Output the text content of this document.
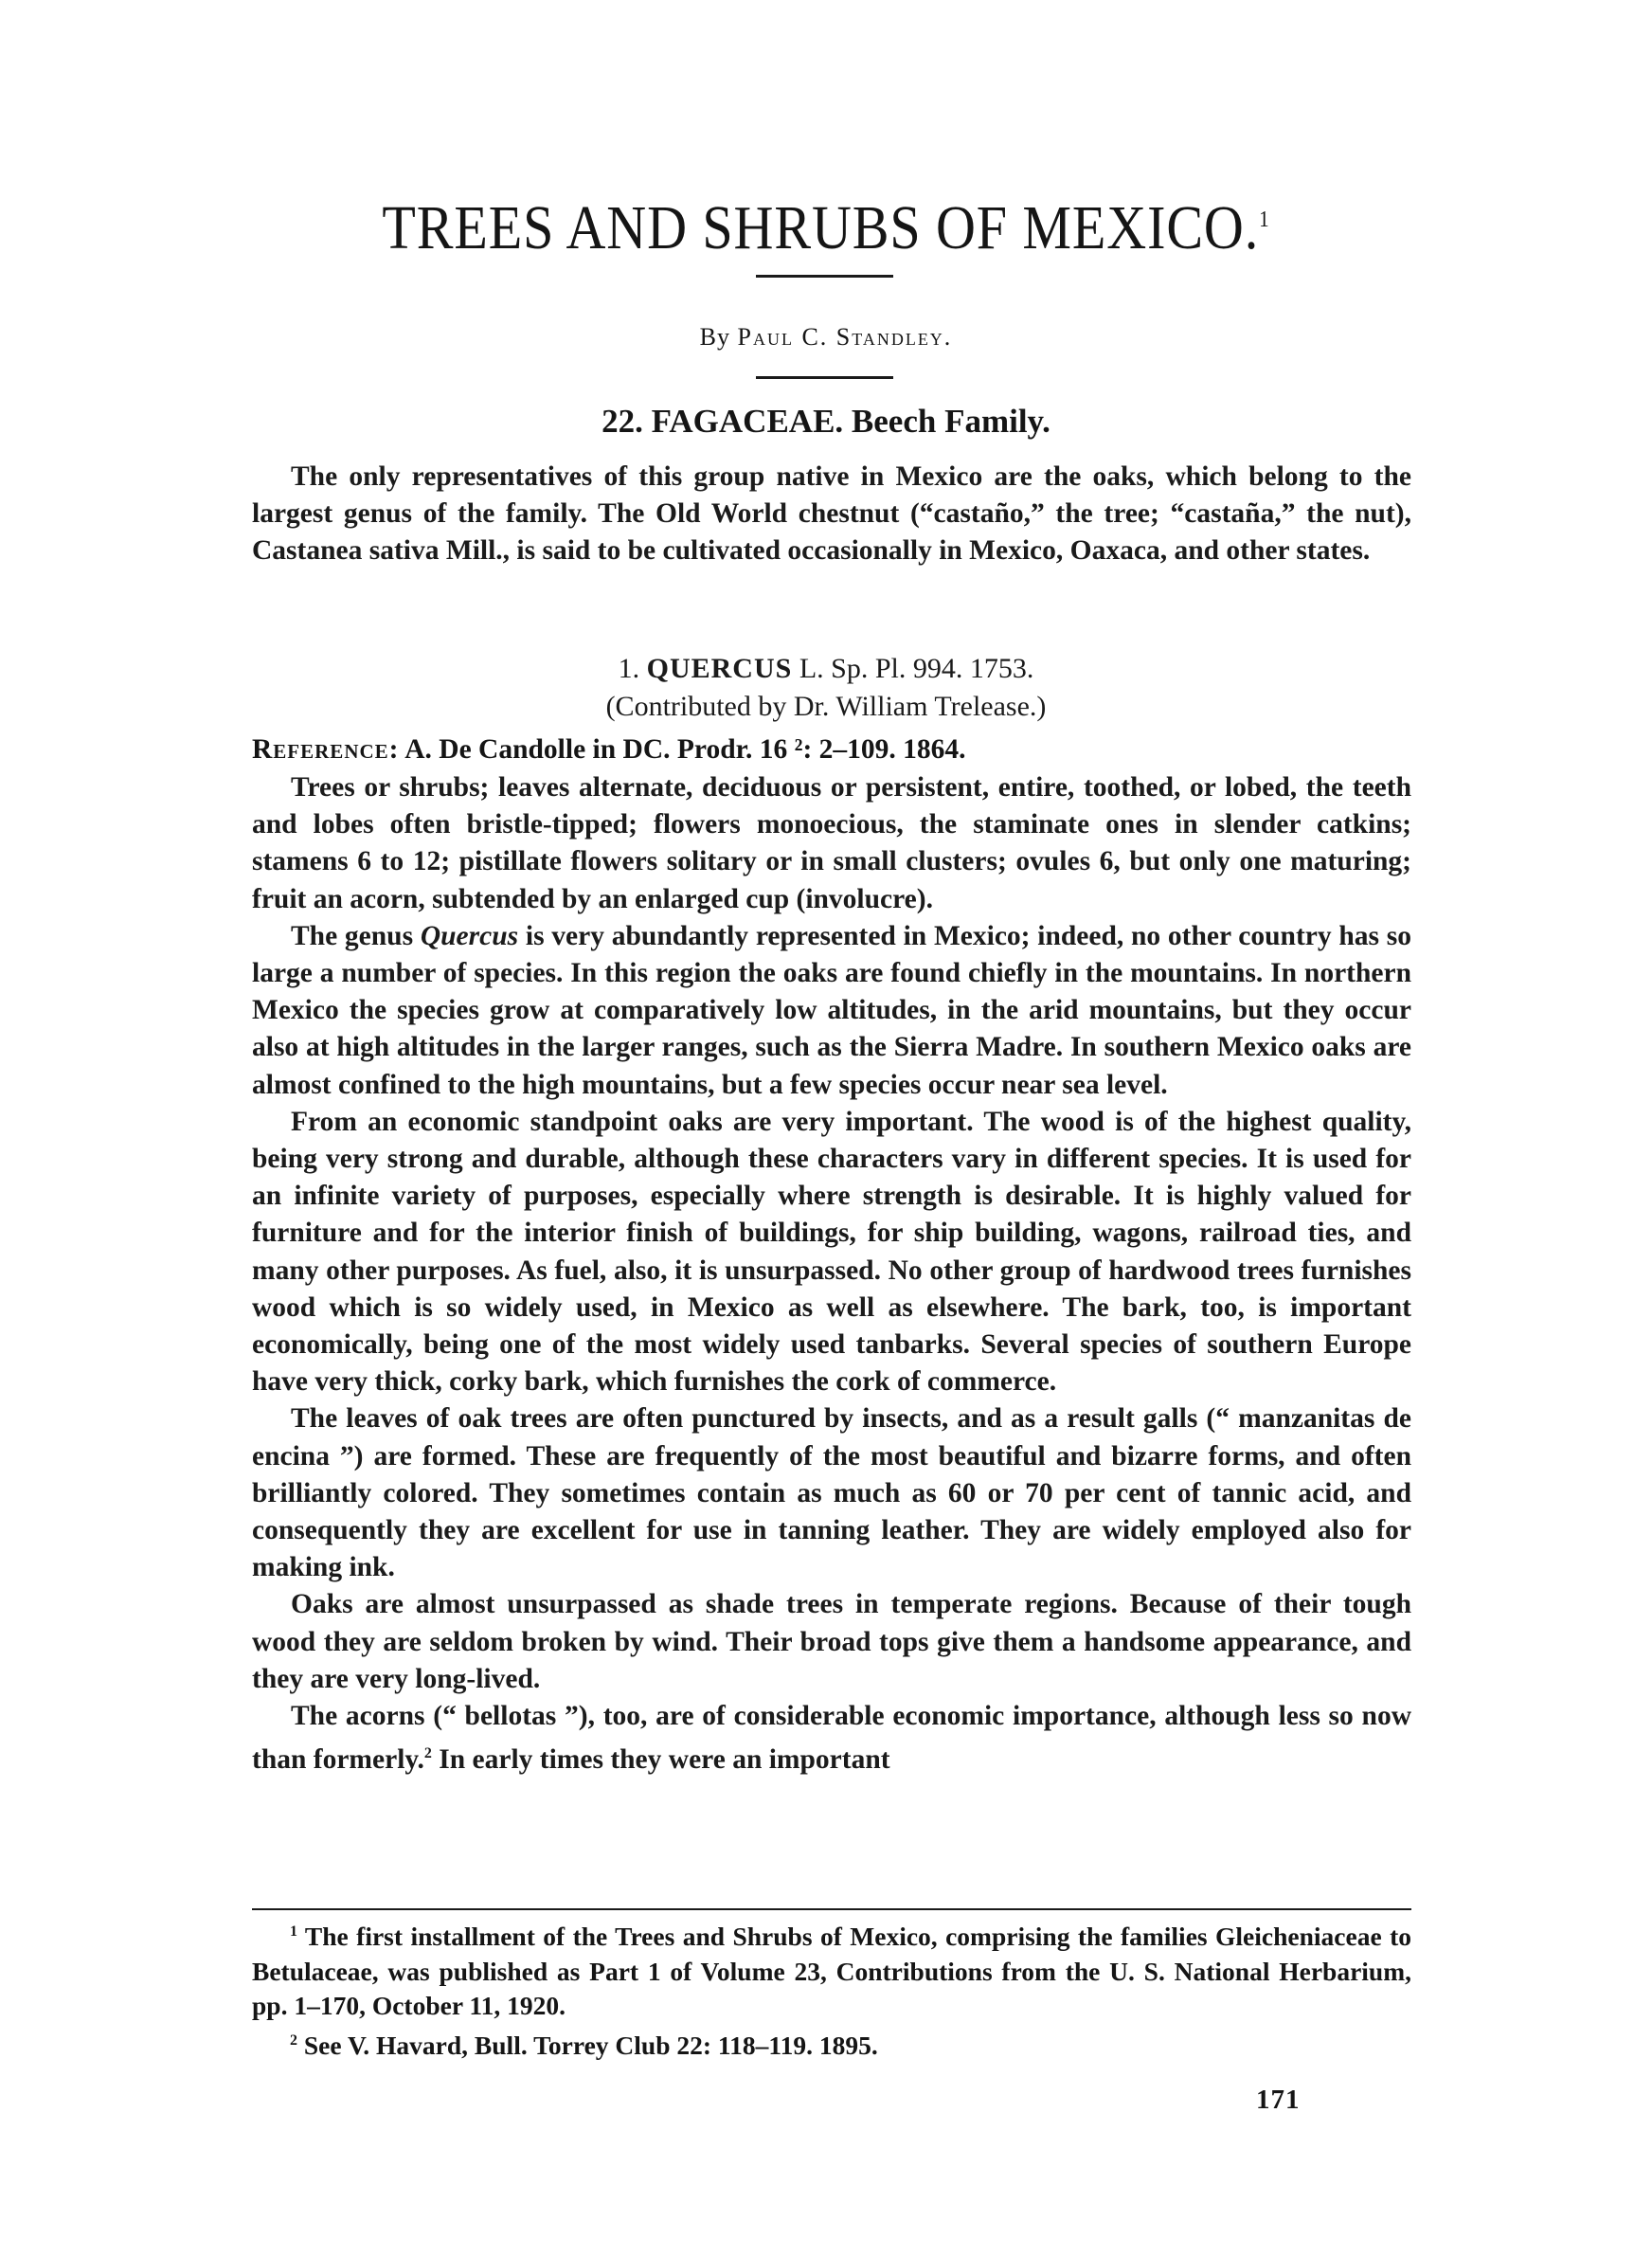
TREES AND SHRUBS OF MEXICO.$^1$
By Paul C. Standley.
22. FAGACEAE. Beech Family.

The only representatives of this group native in Mexico are the oaks, which belong to the largest genus of the family. The Old World chestnut (“castaño,” the tree; “castaña,” the nut), Castanea sativa Mill., is said to be cultivated occasionally in Mexico, Oaxaca, and other states.

1. QUERCUS L. Sp. Pl. 994. 1753.
(Contributed by Dr. William Trelease.)
Reference: A. De Candolle in DC. Prodr. 16 ²: 2–109. 1864.

Trees or shrubs; leaves alternate, deciduous or persistent, entire, toothed, or lobed, the teeth and lobes often bristle-tipped; flowers monoecious, the staminate ones in slender catkins; stamens 6 to 12; pistillate flowers solitary or in small clusters; ovules 6, but only one maturing; fruit an acorn, subtended by an enlarged cup (involucre).

The genus Quercus is very abundantly represented in Mexico; indeed, no other country has so large a number of species. In this region the oaks are found chiefly in the mountains. In northern Mexico the species grow at comparatively low altitudes, in the arid mountains, but they occur also at high altitudes in the larger ranges, such as the Sierra Madre. In southern Mexico oaks are almost confined to the high mountains, but a few species occur near sea level.

From an economic standpoint oaks are very important. The wood is of the highest quality, being very strong and durable, although these characters vary in different species. It is used for an infinite variety of purposes, especially where strength is desirable. It is highly valued for furniture and for the interior finish of buildings, for ship building, wagons, railroad ties, and many other purposes. As fuel, also, it is unsurpassed. No other group of hardwood trees furnishes wood which is so widely used, in Mexico as well as elsewhere. The bark, too, is important economically, being one of the most widely used tanbarks. Several species of southern Europe have very thick, corky bark, which furnishes the cork of commerce.

The leaves of oak trees are often punctured by insects, and as a result galls (“ manzanitas de encina ”) are formed. These are frequently of the most beautiful and bizarre forms, and often brilliantly colored. They sometimes contain as much as 60 or 70 per cent of tannic acid, and consequently they are excellent for use in tanning leather. They are widely employed also for making ink.

Oaks are almost unsurpassed as shade trees in temperate regions. Because of their tough wood they are seldom broken by wind. Their broad tops give them a handsome appearance, and they are very long-lived.

The acorns (“ bellotas ”), too, are of considerable economic importance, although less so now than formerly.$^2$ In early times they were an important

$^1$ The first installment of the Trees and Shrubs of Mexico, comprising the families Gleicheniaceae to Betulaceae, was published as Part 1 of Volume 23, Contributions from the U. S. National Herbarium, pp. 1–170, October 11, 1920.

$^2$ See V. Havard, Bull. Torrey Club 22: 118–119. 1895.

171
